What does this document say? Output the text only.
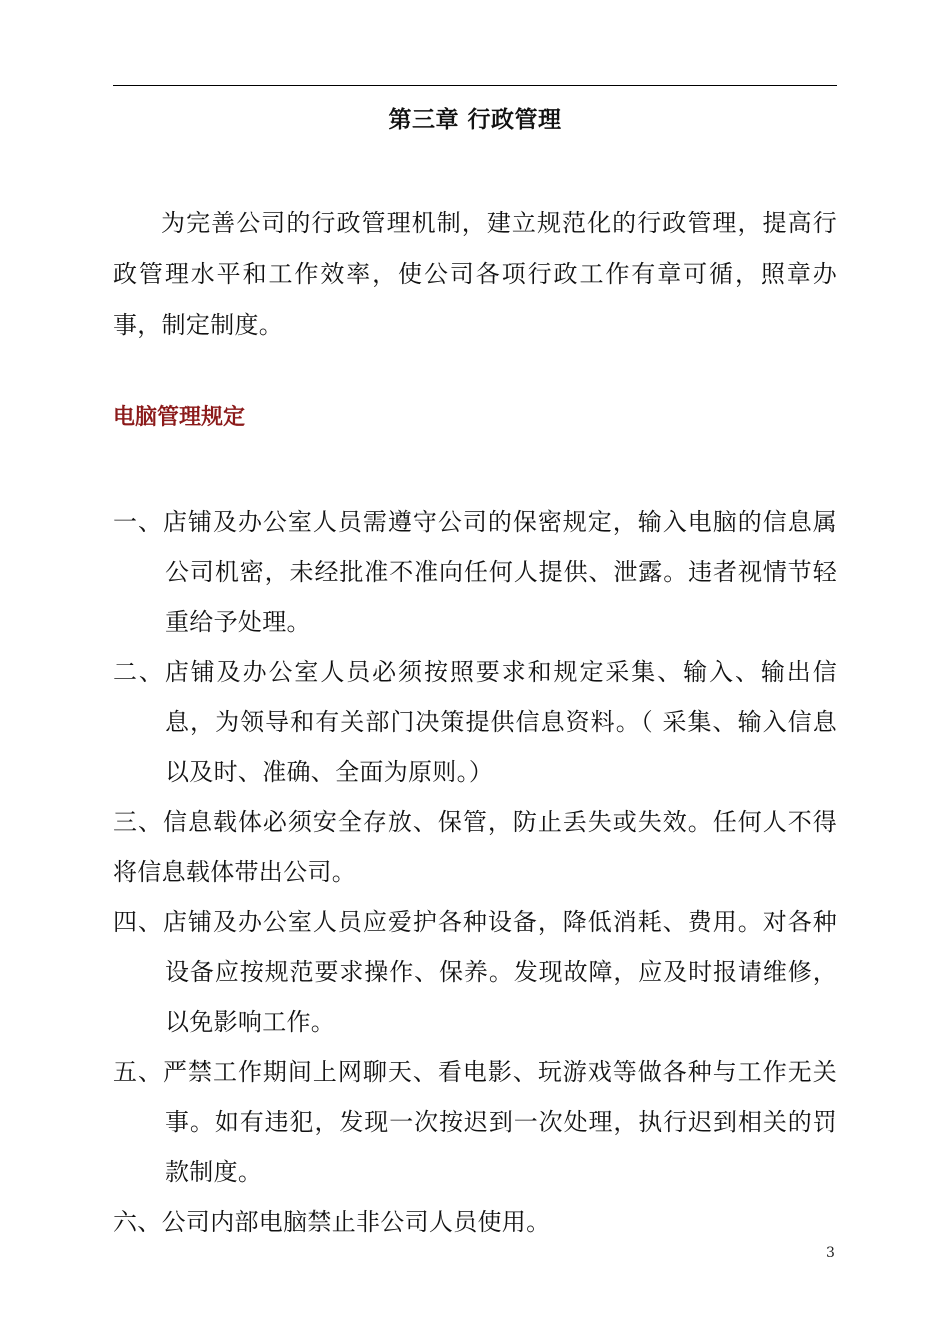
第三章 行政管理

为完善公司的行政管理机制，建立规范化的行政管理，提高行政管理水平和工作效率，使公司各项行政工作有章可循，照章办事，制定制度。

电脑管理规定
一、店铺及办公室人员需遵守公司的保密规定，输入电脑的信息属公司机密，未经批准不准向任何人提供、泄露。违者视情节轻重给予处理。
二、店铺及办公室人员必须按照要求和规定采集、输入、输出信息，为领导和有关部门决策提供信息资料。（ 采集、输入信息以及时、准确、全面为原则。）
三、信息载体必须安全存放、保管，防止丢失或失效。任何人不得将信息载体带出公司。
四、店铺及办公室人员应爱护各种设备，降低消耗、费用。对各种设备应按规范要求操作、保养。发现故障，应及时报请维修，以免影响工作。
五、严禁工作期间上网聊天、看电影、玩游戏等做各种与工作无关事。如有违犯，发现一次按迟到一次处理，执行迟到相关的罚款制度。
六、公司内部电脑禁止非公司人员使用。
3
